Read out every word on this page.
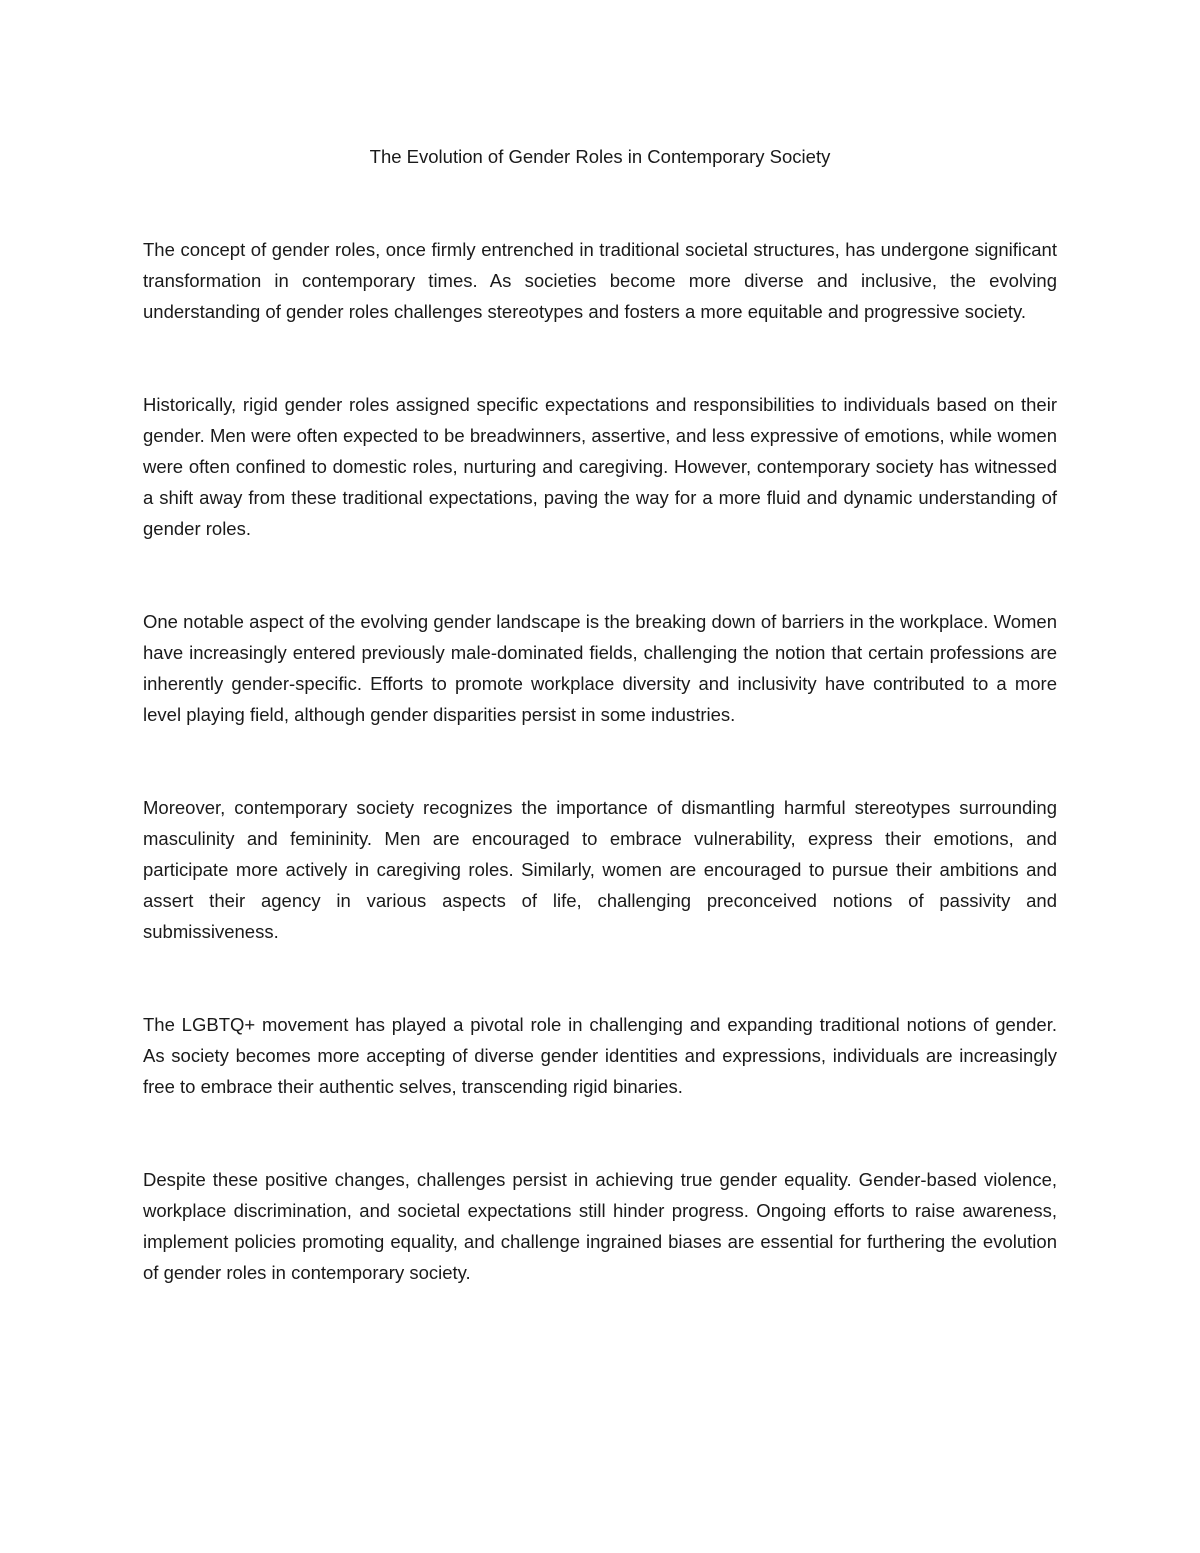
The Evolution of Gender Roles in Contemporary Society

The concept of gender roles, once firmly entrenched in traditional societal structures, has undergone significant transformation in contemporary times. As societies become more diverse and inclusive, the evolving understanding of gender roles challenges stereotypes and fosters a more equitable and progressive society.

Historically, rigid gender roles assigned specific expectations and responsibilities to individuals based on their gender. Men were often expected to be breadwinners, assertive, and less expressive of emotions, while women were often confined to domestic roles, nurturing and caregiving. However, contemporary society has witnessed a shift away from these traditional expectations, paving the way for a more fluid and dynamic understanding of gender roles.

One notable aspect of the evolving gender landscape is the breaking down of barriers in the workplace. Women have increasingly entered previously male-dominated fields, challenging the notion that certain professions are inherently gender-specific. Efforts to promote workplace diversity and inclusivity have contributed to a more level playing field, although gender disparities persist in some industries.

Moreover, contemporary society recognizes the importance of dismantling harmful stereotypes surrounding masculinity and femininity. Men are encouraged to embrace vulnerability, express their emotions, and participate more actively in caregiving roles. Similarly, women are encouraged to pursue their ambitions and assert their agency in various aspects of life, challenging preconceived notions of passivity and submissiveness.

The LGBTQ+ movement has played a pivotal role in challenging and expanding traditional notions of gender. As society becomes more accepting of diverse gender identities and expressions, individuals are increasingly free to embrace their authentic selves, transcending rigid binaries.

Despite these positive changes, challenges persist in achieving true gender equality. Gender-based violence, workplace discrimination, and societal expectations still hinder progress. Ongoing efforts to raise awareness, implement policies promoting equality, and challenge ingrained biases are essential for furthering the evolution of gender roles in contemporary society.
